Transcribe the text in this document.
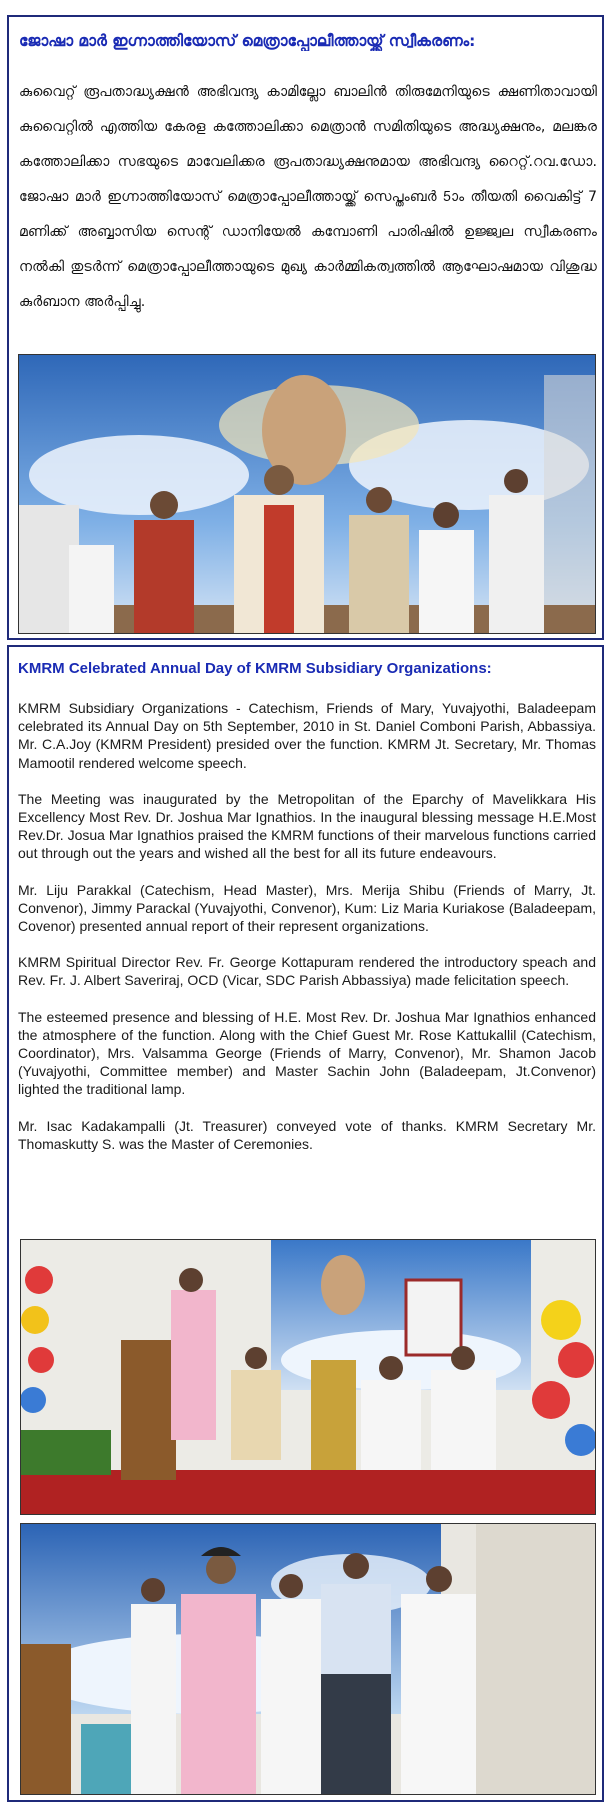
ജോഷാ മാർ ഇഗ്നാത്തിയോസ് മെത്രാപ്പോലീത്തായ്ക്ക് സ്വീകരണം:

കുവൈറ്റ് രൂപതാദ്ധ്യക്ഷൻ അഭിവന്ദ്യ കാമില്ലോ ബാലിൻ തിരുമേനിയുടെ ക്ഷണിതാവായി കുവൈറ്റിൽ എത്തിയ കേരള കത്തോലിക്കാ മെത്രാൻ സമിതിയുടെ അദ്ധ്യക്ഷനും, മലങ്കര കത്തോലിക്കാ സഭയുടെ മാവേലിക്കര രൂപതാദ്ധ്യക്ഷനുമായ അഭിവന്ദ്യ റൈറ്റ്.റവ.ഡോ. ജോഷാ മാർ ഇഗ്നാത്തിയോസ് മെത്രാപ്പോലീത്തായ്ക്ക് സെപ്തംബർ 5ാം തീയതി വൈകിട്ട് 7 മണിക്ക് അബ്ബാസിയ സെന്റ് ഡാനിയേൽ കമ്പോണി പാരിഷിൽ ഉജ്ജ്വല സ്വീകരണം നൽകി തുടർന്ന് മെത്രാപ്പോലീത്തായുടെ മുഖ്യ കാർമ്മികത്വത്തിൽ ആഘോഷമായ വിശുദ്ധ കുർബാന അർപ്പിച്ചു.

KMRM Celebrated Annual Day of KMRM Subsidiary Organizations:

KMRM Subsidiary Organizations - Catechism, Friends of Mary, Yuvajyothi, Baladeepam celebrated its Annual Day on 5th September, 2010 in St. Daniel Comboni Parish, Abbassiya. Mr. C.A.Joy (KMRM President) presided over the function. KMRM Jt. Secretary, Mr. Thomas Mamootil rendered welcome speech.

The Meeting was inaugurated by the Metropolitan of the Eparchy of Mavelikkara His Excellency Most Rev. Dr. Joshua Mar Ignathios. In the inaugural blessing message H.E.Most Rev.Dr. Josua Mar Ignathios praised the KMRM functions of their marvelous functions carried out through out the years and wished all the best for all its future endeavours.

Mr. Liju Parakkal (Catechism, Head Master), Mrs. Merija Shibu (Friends of Marry, Jt. Convenor), Jimmy Parackal (Yuvajyothi, Convenor), Kum: Liz Maria Kuriakose (Baladeepam, Covenor) presented annual report of their represent organizations.

KMRM Spiritual Director Rev. Fr. George Kottapuram rendered the introductory speach and Rev. Fr. J. Albert Saveriraj, OCD (Vicar, SDC Parish Abbassiya) made felicitation speech.

The esteemed presence and blessing of H.E. Most Rev. Dr. Joshua Mar Ignathios enhanced the atmosphere of the function. Along with the Chief Guest Mr. Rose Kattukallil (Catechism, Coordinator), Mrs. Valsamma George (Friends of Marry, Convenor), Mr. Shamon Jacob (Yuvajyothi, Committee member) and Master Sachin John (Baladeepam, Jt.Convenor) lighted the traditional lamp.

Mr. Isac Kadakampalli (Jt. Treasurer) conveyed vote of thanks. KMRM Secretary Mr. Thomaskutty S. was the Master of Ceremonies.
